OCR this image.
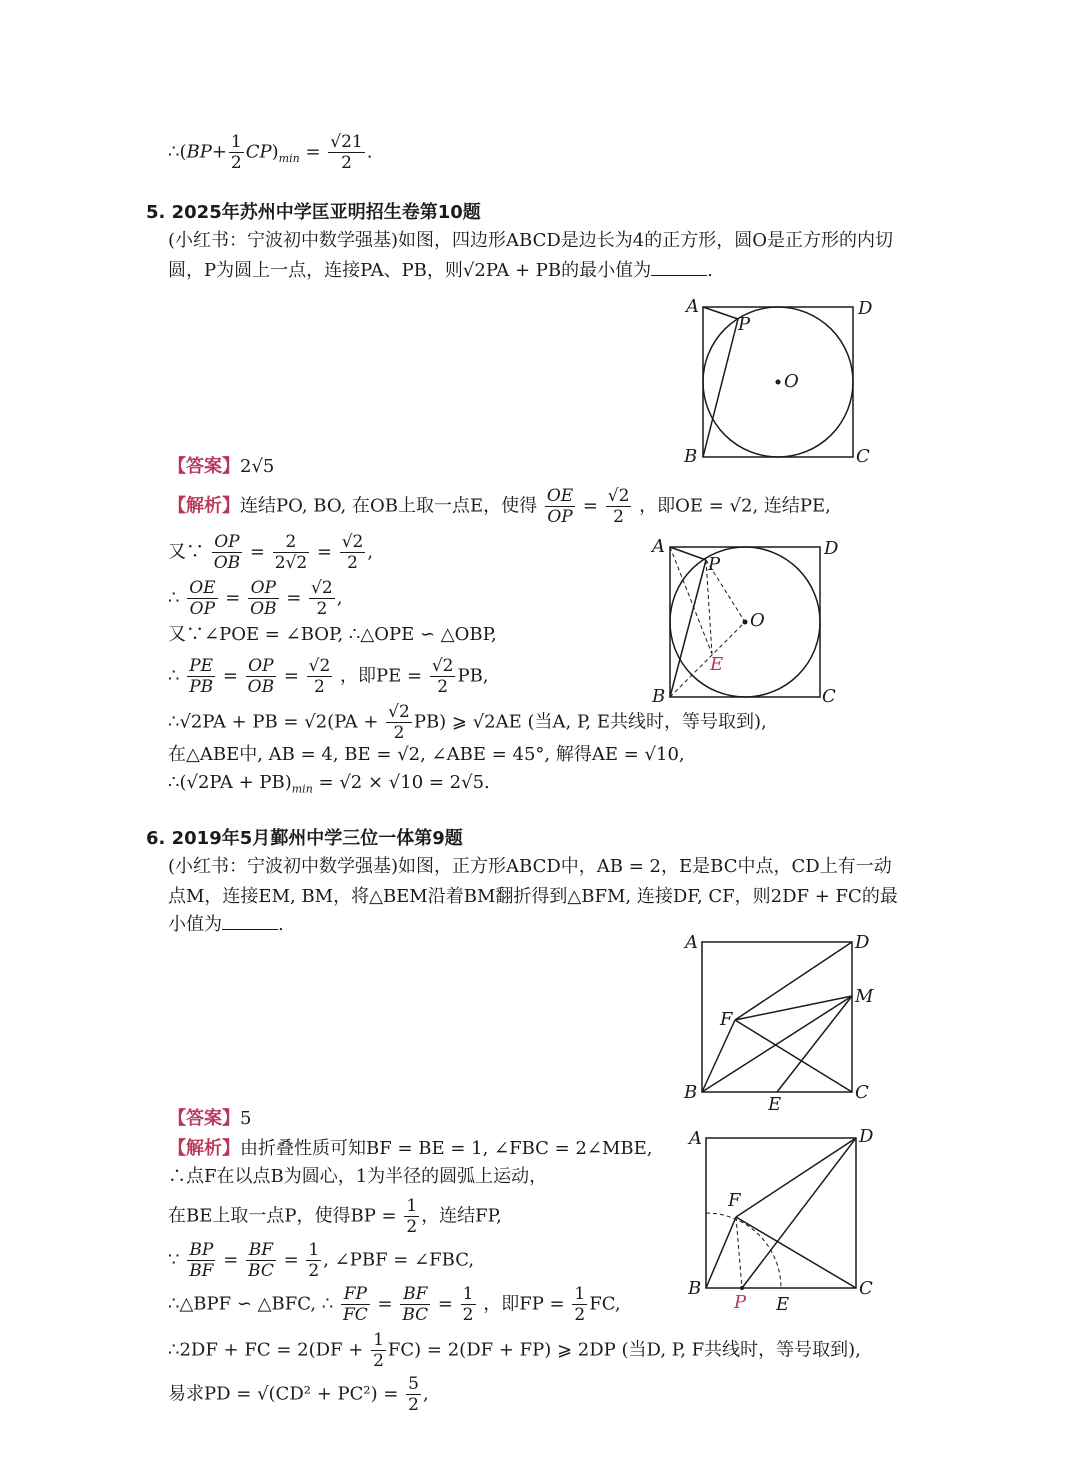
∴(BP+ $\frac{1}{2} CP)_{min} = \frac{√21}{2}$ .
5. 2025年苏州中学匡亚明招生卷第10题
(小红书：宁波初中数学强基)如图，四边形ABCD是边长为4的正方形，圆O是正方形的内切
圆，P为圆上一点，连接PA、PB，则√2PA + PB的最小值为	.
A	D
B	C
P
O
【答案】2√5
【解析】连结PO, BO, 在OB上取一点E，使得 $\frac{OE}{OP} = \frac{√2}{2}$ ，即OE = √2, 连结PE,
又∵ $\frac{OP}{OB} = \frac{2}{2√2} = \frac{√2}{2}$ ,
∴ $\frac{OE}{OP} = \frac{OP}{OB} = \frac{√2}{2}$ ,
又∵∠POE = ∠BOP, ∴△OPE ∽ △OBP,
∴ $\frac{PE}{PB} = \frac{OP}{OB} = \frac{√2}{2}$ ，即PE = $\frac{√2}{2}$ PB,
∴√2PA + PB = $√2(PA + \frac{√2}{2} PB)$ ⩾ √2AE (当A, P, E共线时，等号取到),
在△ABE中, AB = 4, BE = √2, ∠ABE = 45°, 解得AE = √10,
∴(√2PA + $PB)_{min} = √2 \times √10 = 2√5$.
A	D
B	C
P
O
E
6. 2019年5月鄞州中学三位一体第9题
(小红书：宁波初中数学强基)如图，正方形ABCD中，AB = 2，E是BC中点，CD上有一动
点M，连接EM, BM，将△BEM沿着BM翻折得到△BFM, 连接DF, CF，则2DF + FC的最
小值为	.
A	D
M
F
B	C
E
【答案】5
【解析】由折叠性质可知BF = BE = 1, ∠FBC = 2∠MBE,
∴点F在以点B为圆心，1为半径的圆弧上运动，
在BE上取一点P，使得BP = $\frac{1}{2}$ ，连结FP,
∵ $\frac{BP}{BF} = \frac{BF}{BC} = \frac{1}{2}$ , ∠PBF = ∠FBC,
∴△BPF ∽ △BFC, ∴ $\frac{FP}{FC} = \frac{BF}{BC} = \frac{1}{2}$ ，即FP = $\frac{1}{2}$ FC,
∴2DF + FC = $2(DF + \frac{1}{2} FC) = 2(DF + FP)$ ⩾ 2DP (当D, P, F共线时，等号取到),
易求PD = $√(CD^2 + PC^2) = \frac{5}{2}$ ,
A	D
F
B	C
P E
